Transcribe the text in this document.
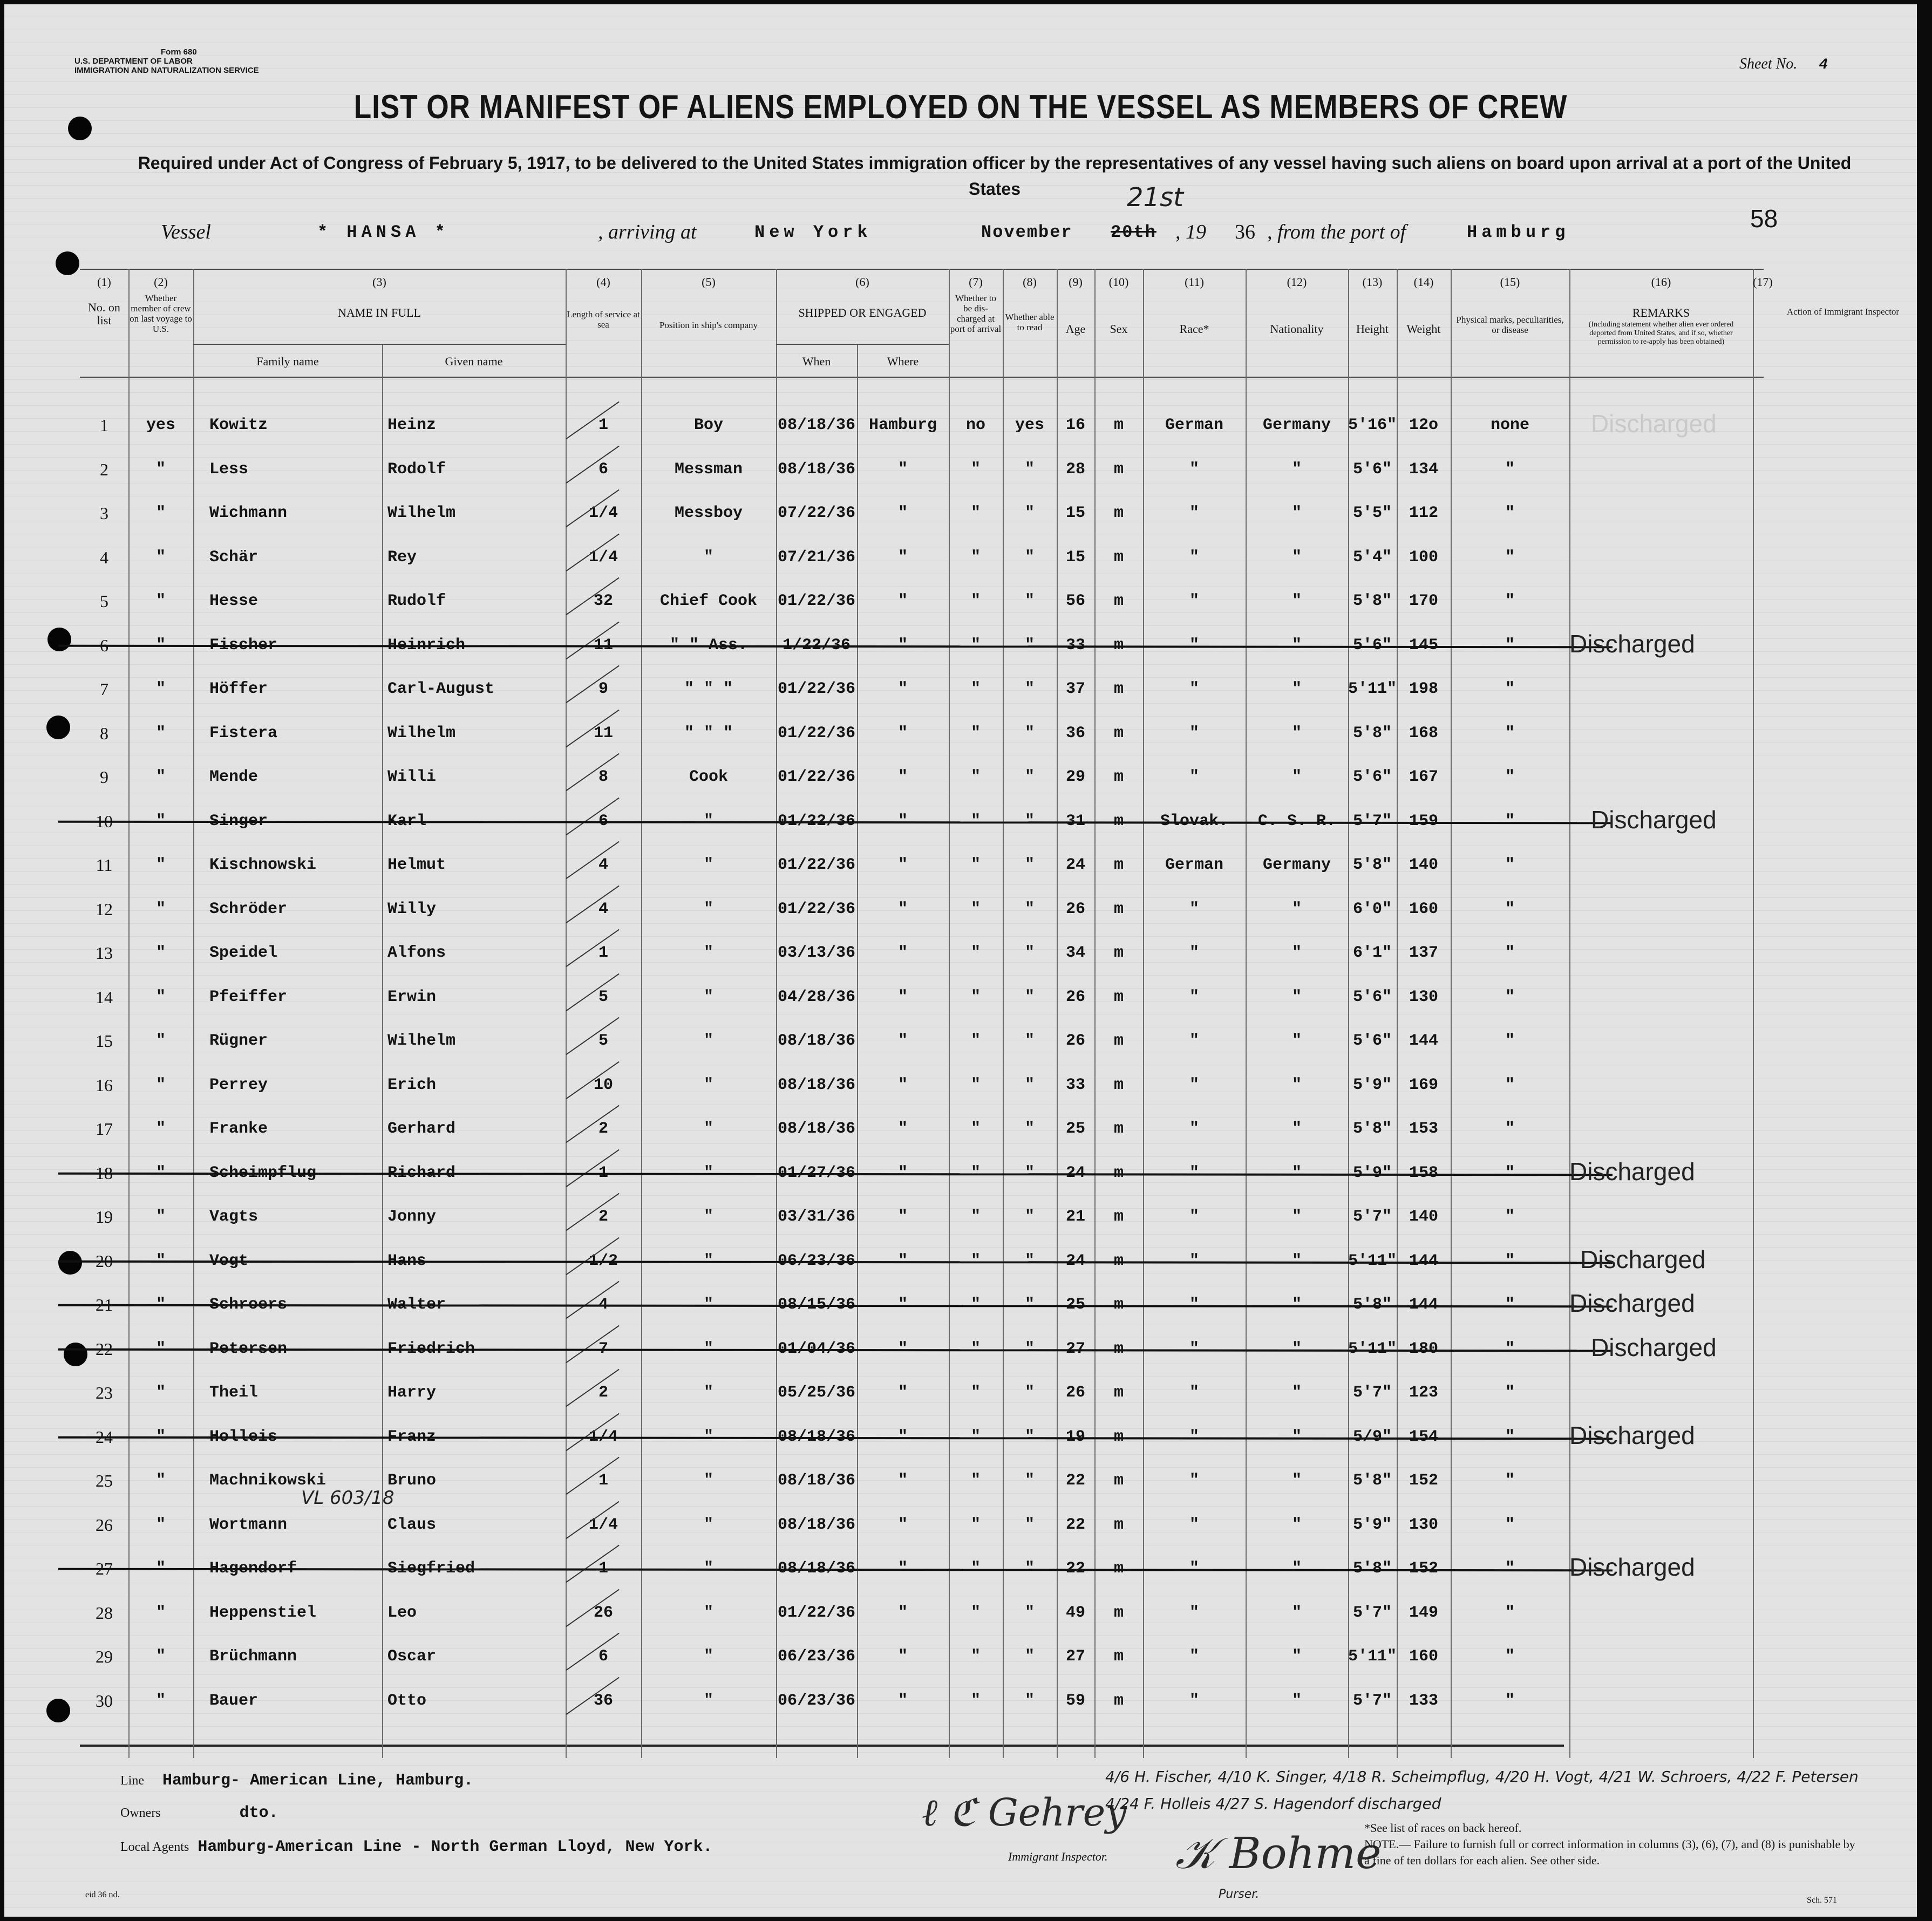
Form 680
U.S. DEPARTMENT OF LABOR
IMMIGRATION AND NATURALIZATION SERVICE	Sheet No. 4
LIST OR MANIFEST OF ALIENS EMPLOYED ON THE VESSEL AS MEMBERS OF CREW
Required under Act of Congress of February 5, 1917, to be delivered to the United States immigration officer by the representatives of any vessel having such aliens on board upon arrival at a port of the United States
58
Vessel	* HANSA *	, arriving at	New York	November 20th
21st
, 19 36 , from the port of	Hamburg
(1)	(2)	(3)	(4)	(5)	(6)	(7)	(8)	(9)	(10)	(11)	(12)	(13)	(14)	(15)	(16)	(17)
No. on list
Whether member of crew on last voyage to U.S.
NAME IN FULL
Family name	Given name
Length of service at sea	Position in ship's company
SHIPPED OR ENGAGED
When	Where
Whether to be dis-charged at port of arrival
Whether able to read	Age	Sex	Race*	Nationality	Height	Weight
Physical marks, peculiarities, or disease
REMARKS
(Including statement whether alien ever ordered deported from United States, and if so, whether permission to re-apply has been obtained)
Action of Immigrant Inspector
1	yes	Kowitz	Heinz	1	Boy	08/18/36 Hamburg	no	yes	16	m	German	Germany	5'16" 12o	none
2	"	Less	Rodolf	6	Messman	08/18/36	"	"	"	28	m	"	"	5'6"	134	"
3	"	Wichmann	Wilhelm	1/4	Messboy	07/22/36	"	"	"	15	m	"	"	5'5"	112	"
4	"	Schär	Rey	1/4	"	07/21/36	"	"	"	15	m	"	"	5'4"	100	"
5	"	Hesse	Rudolf	32	Chief Cook	01/22/36	"	"	"	56	m	"	"	5'8"	170	"
6	"	Fischer	Heinrich	11	" " Ass.	1/22/36	"	"	"	33	m	"	"	5'6"	145	"	Discharged
7	"	Höffer	Carl-August	9	" " "	01/22/36	"	"	"	37	m	"	"	5'11" 198	"
8	"	Fistera	Wilhelm	11	" " "	01/22/36	"	"	"	36	m	"	"	5'8"	168	"
9	"	Mende	Willi	8	Cook	01/22/36	"	"	"	29	m	"	"	5'6"	167	"
10	"	Singer	Karl	6	"	01/22/36	"	"	"	31	m	Slovak.	C. S. R.	5'7"	159	"	Discharged
11	"	Kischnowski	Helmut	4	"	01/22/36	"	"	"	24	m	German	Germany	5'8"	140	"
12	"	Schröder	Willy	4	"	01/22/36	"	"	"	26	m	"	"	6'0"	160	"
13	"	Speidel	Alfons	1	"	03/13/36	"	"	"	34	m	"	"	6'1"	137	"
14	"	Pfeiffer	Erwin	5	"	04/28/36	"	"	"	26	m	"	"	5'6"	130	"
15	"	Rügner	Wilhelm	5	"	08/18/36	"	"	"	26	m	"	"	5'6"	144	"
16	"	Perrey	Erich	10	"	08/18/36	"	"	"	33	m	"	"	5'9"	169	"
17	"	Franke	Gerhard	2	"	08/18/36	"	"	"	25	m	"	"	5'8"	153	"
18	"	Scheimpflug	Richard	1	"	01/27/36	"	"	"	24	m	"	"	5'9"	158	"	Discharged
19	"	Vagts	Jonny	2	"	03/31/36	"	"	"	21	m	"	"	5'7"	140	"
20	"	Vogt	Hans	1/2	"	06/23/36	"	"	"	24	m	"	"	5'11" 144	"	Discharged
21	"	Schroers	Walter	4	"	08/15/36	"	"	"	25	m	"	"	5'8"	144	"	Discharged
22	"	Petersen	Friedrich	7	"	01/04/36	"	"	"	27	m	"	"	5'11" 180	"	Discharged
23	"	Theil	Harry	2	"	05/25/36	"	"	"	26	m	"	"	5'7"	123	"
24	"	Holleis	Franz	1/4	"	08/18/36	"	"	"	19	m	"	"	5/9"	154	"	Discharged
25	"	Machnikowski	Bruno	1	"	08/18/36	"	"	"	22	m	"	"	5'8"	152	"
26	"	Wortmann	Claus	1/4	"	08/18/36	"	"	"	22	m	"	"	5'9"	130	"
VL 603/18
27	"	Hagendorf	Siegfried	1	"	08/18/36	"	"	"	22	m	"	"	5'8"	152	"	Discharged
28	"	Heppenstiel	Leo	26	"	01/22/36	"	"	"	49	m	"	"	5'7"	149	"
29	"	Brüchmann	Oscar	6	"	06/23/36	"	"	"	27	m	"	"	5'11" 160	"
30	"	Bauer	Otto	36	"	06/23/36	"	"	"	59	m	"	"	5'7"	133	"
Discharged
Line Hamburg- American Line, Hamburg.
Owners	dto.
Local Agents Hamburg-American Line - North German Lloyd, New York.
ℓ ℭ Gehrey
Immigrant Inspector. 𝒦 Bohme
Purser.
4/6 H. Fischer, 4/10 K. Singer, 4/18 R. Scheimpflug, 4/20 H. Vogt, 4/21 W. Schroers, 4/22 F. Petersen
4/24 F. Holleis 4/27 S. Hagendorf discharged
*See list of races on back hereof.
NOTE.— Failure to furnish full or correct information in columns (3), (6), (7), and (8) is punishable by a fine of ten dollars for each alien. See other side.
eid 36 nd.
Sch. 571
